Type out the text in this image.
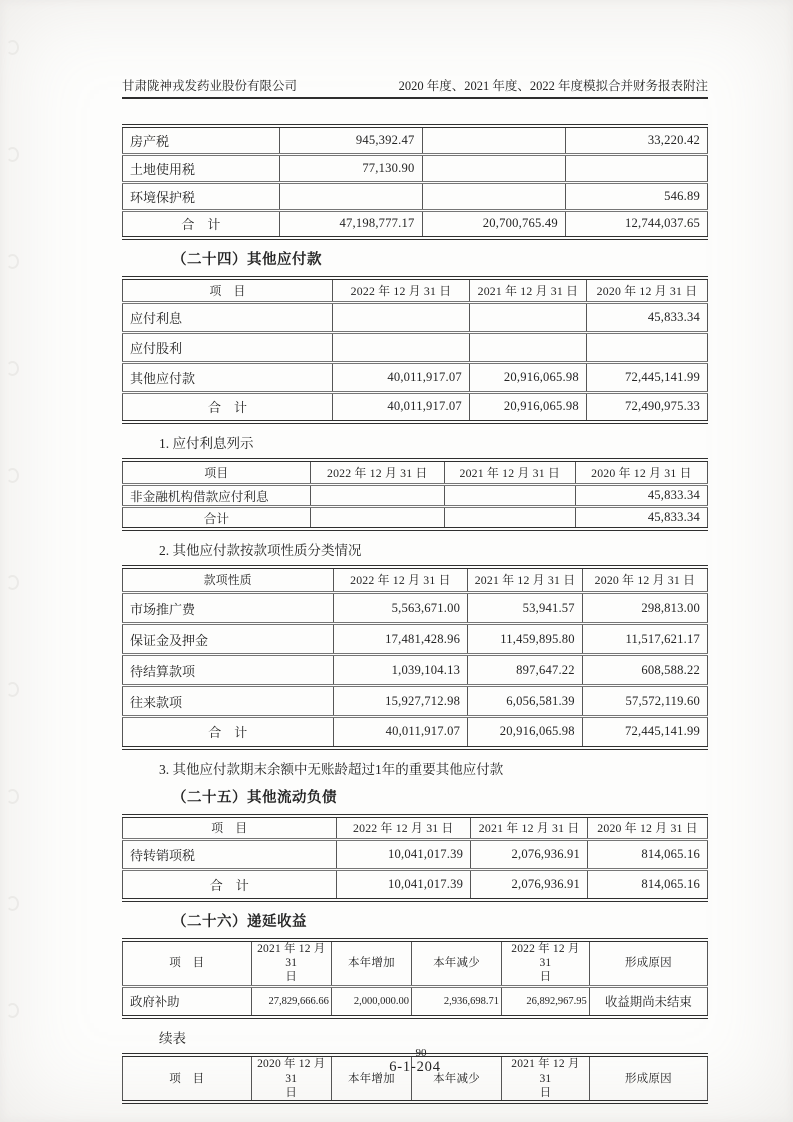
甘肃陇神戎发药业股份有限公司	2020 年度、2021 年度、2022 年度模拟合并财务报表附注
房产税	945,392.47		33,220.42
土地使用税	77,130.90		
环境保护税			546.89
合　计	47,198,777.17	20,700,765.49	12,744,037.65
（二十四）其他应付款
项　目	2022 年 12 月 31 日	2021 年 12 月 31 日	2020 年 12 月 31 日
应付利息			45,833.34
应付股利			
其他应付款	40,011,917.07	20,916,065.98	72,445,141.99
合　计	40,011,917.07	20,916,065.98	72,490,975.33
1. 应付利息列示
项目	2022 年 12 月 31 日	2021 年 12 月 31 日	2020 年 12 月 31 日
非金融机构借款应付利息			45,833.34
合计			45,833.34
2. 其他应付款按款项性质分类情况
款项性质	2022 年 12 月 31 日	2021 年 12 月 31 日	2020 年 12 月 31 日
市场推广费	5,563,671.00	53,941.57	298,813.00
保证金及押金	17,481,428.96	11,459,895.80	11,517,621.17
待结算款项	1,039,104.13	897,647.22	608,588.22
往来款项	15,927,712.98	6,056,581.39	57,572,119.60
合　计	40,011,917.07	20,916,065.98	72,445,141.99
3. 其他应付款期末余额中无账龄超过1年的重要其他应付款
（二十五）其他流动负债
项　目	2022 年 12 月 31 日	2021 年 12 月 31 日	2020 年 12 月 31 日
待转销项税	10,041,017.39	2,076,936.91	814,065.16
合　计	10,041,017.39	2,076,936.91	814,065.16
（二十六）递延收益
项　目	2021 年 12 月 31
日	本年增加	本年减少	2022 年 12 月 31
日	形成原因
政府补助	27,829,666.66	2,000,000.00	2,936,698.71	26,892,967.95	收益期尚未结束
续表
项　目	2020 年 12 月 31
日	本年增加	本年减少	2021 年 12 月 31
日	形成原因
90
6-1-204
